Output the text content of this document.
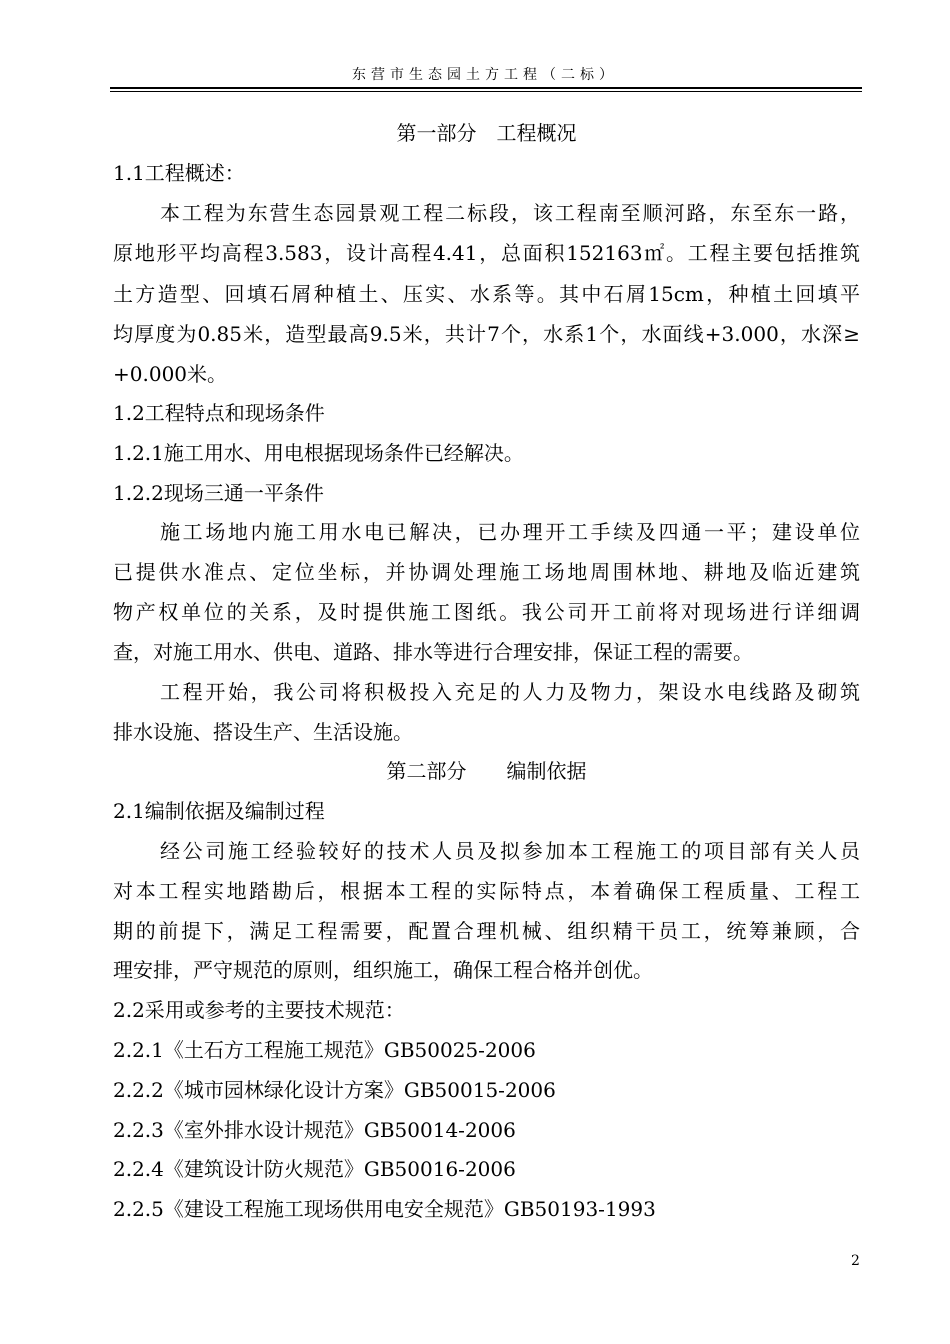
东营市生态园土方工程（二标）
第一部分　工程概况
1.1工程概述：
本工程为东营生态园景观工程二标段，该工程南至顺河路，东至东一路，
原地形平均高程3.583，设计高程4.41，总面积152163㎡。工程主要包括推筑
土方造型、回填石屑种植土、压实、水系等。其中石屑15cm，种植土回填平
均厚度为0.85米，造型最高9.5米，共计7个，水系1个，水面线+3.000，水深≥
+0.000米。
1.2工程特点和现场条件
1.2.1施工用水、用电根据现场条件已经解决。
1.2.2现场三通一平条件
施工场地内施工用水电已解决，已办理开工手续及四通一平；建设单位
已提供水准点、定位坐标，并协调处理施工场地周围林地、耕地及临近建筑
物产权单位的关系，及时提供施工图纸。我公司开工前将对现场进行详细调
查，对施工用水、供电、道路、排水等进行合理安排，保证工程的需要。
工程开始，我公司将积极投入充足的人力及物力，架设水电线路及砌筑
排水设施、搭设生产、生活设施。
第二部分　　编制依据
2.1编制依据及编制过程
经公司施工经验较好的技术人员及拟参加本工程施工的项目部有关人员
对本工程实地踏勘后，根据本工程的实际特点，本着确保工程质量、工程工
期的前提下，满足工程需要，配置合理机械、组织精干员工，统筹兼顾，合
理安排，严守规范的原则，组织施工，确保工程合格并创优。
2.2采用或参考的主要技术规范：
2.2.1《土石方工程施工规范》GB50025-2006
2.2.2《城市园林绿化设计方案》GB50015-2006
2.2.3《室外排水设计规范》GB50014-2006
2.2.4《建筑设计防火规范》GB50016-2006
2.2.5《建设工程施工现场供用电安全规范》GB50193-1993
2
